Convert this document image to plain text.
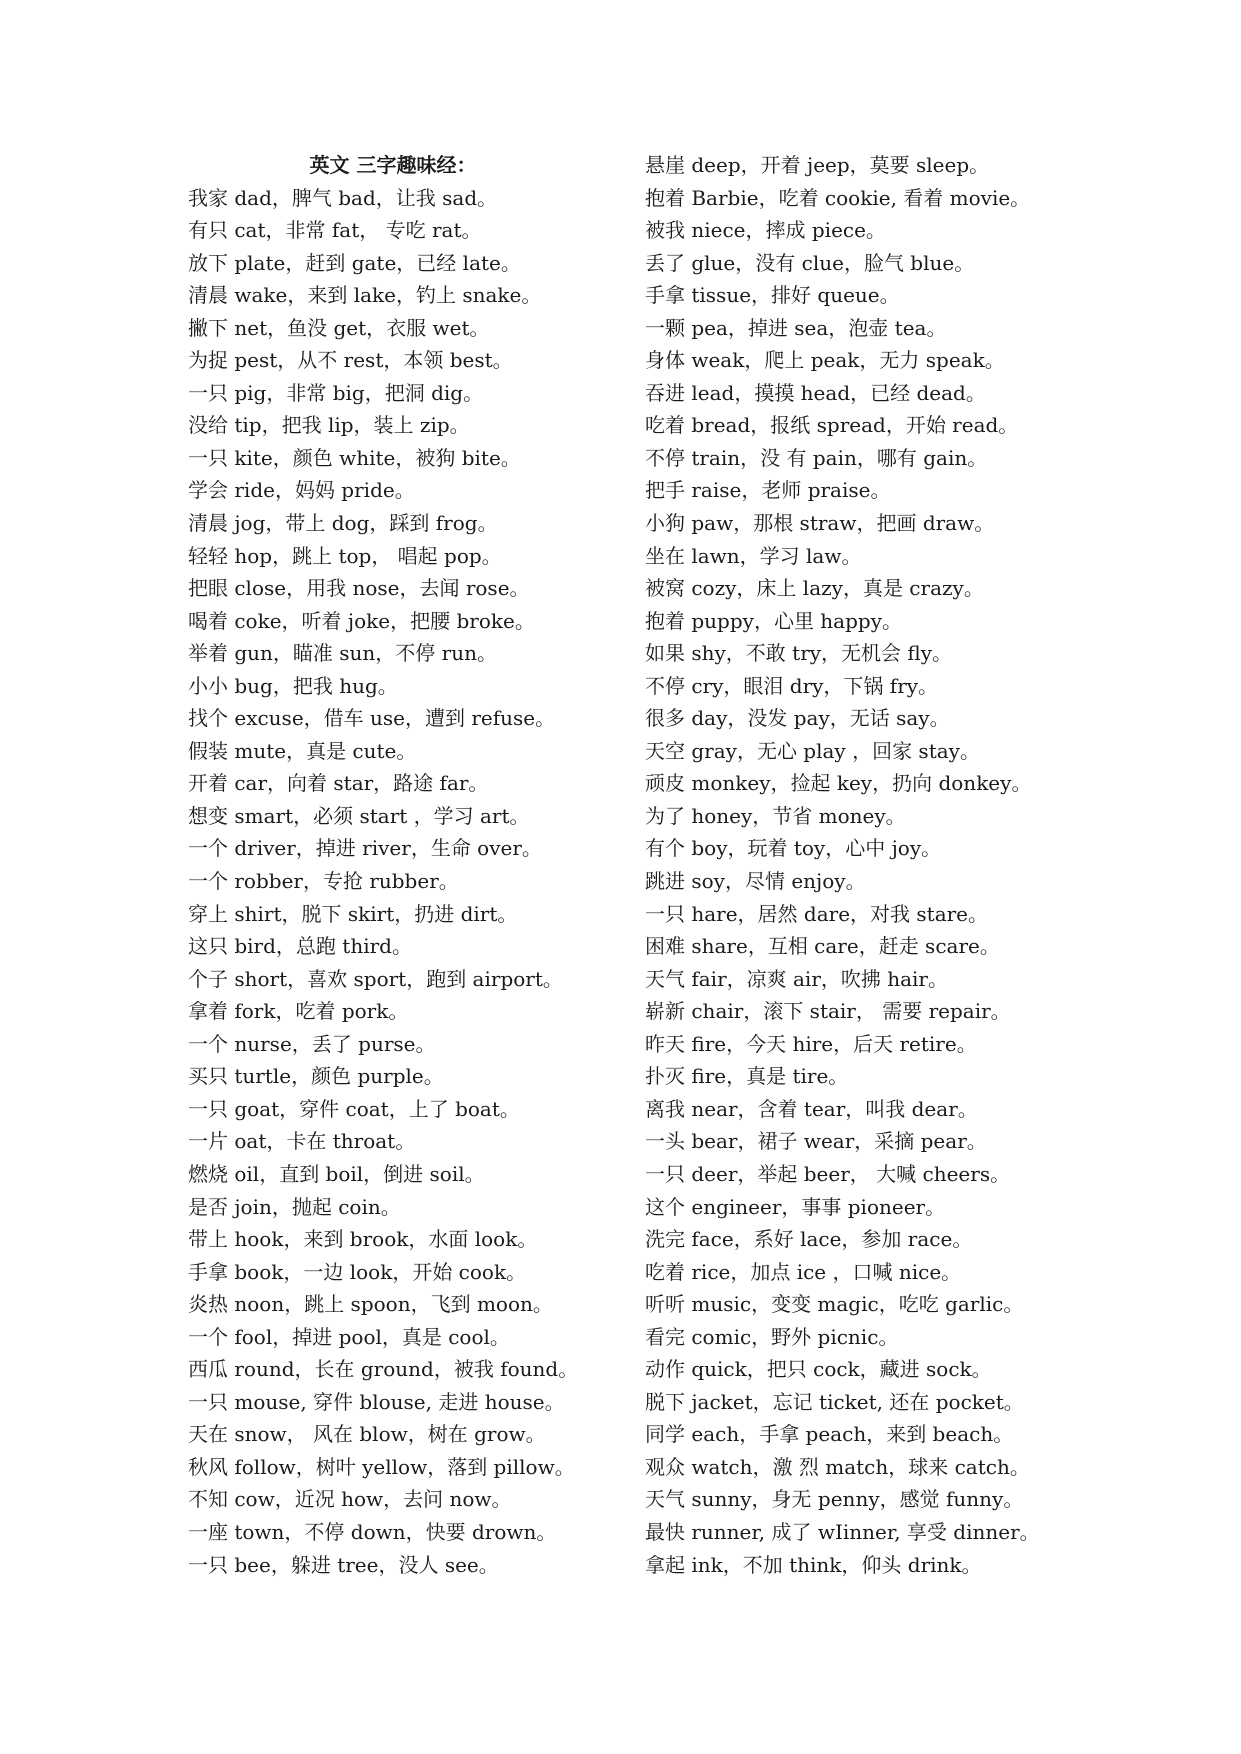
英文 三字趣味经：
我家 dad，脾气 bad，让我 sad。
有只 cat，非常 fat， 专吃 rat。
放下 plate，赶到 gate，已经 late。
清晨 wake，来到 lake，钓上 snake。
撇下 net，鱼没 get，衣服 wet。
为捉 pest，从不 rest，本领 best。
一只 pig，非常 big，把洞 dig。
没给 tip，把我 lip，装上 zip。
一只 kite，颜色 white，被狗 bite。
学会 ride，妈妈 pride。
清晨 jog，带上 dog，踩到 frog。
轻轻 hop，跳上 top， 唱起 pop。
把眼 close，用我 nose，去闻 rose。
喝着 coke，听着 joke，把腰 broke。
举着 gun，瞄准 sun，不停 run。
小小 bug，把我 hug。
找个 excuse，借车 use，遭到 refuse。
假装 mute，真是 cute。
开着 car，向着 star，路途 far。
想变 smart，必须 start ，学习 art。
一个 driver，掉进 river，生命 over。
一个 robber，专抢 rubber。
穿上 shirt，脱下 skirt，扔进 dirt。
这只 bird，总跑 third。
个子 short，喜欢 sport，跑到 airport。
拿着 fork，吃着 pork。
一个 nurse，丢了 purse。
买只 turtle，颜色 purple。
一只 goat，穿件 coat，上了 boat。
一片 oat，卡在 throat。
燃烧 oil，直到 boil，倒进 soil。
是否 join，抛起 coin。
带上 hook，来到 brook，水面 look。
手拿 book，一边 look，开始 cook。
炎热 noon，跳上 spoon，飞到 moon。
一个 fool，掉进 pool，真是 cool。
西瓜 round，长在 ground，被我 found。
一只 mouse, 穿件 blouse, 走进 house。
天在 snow， 风在 blow，树在 grow。
秋风 follow，树叶 yellow，落到 pillow。
不知 cow，近况 how，去问 now。
一座 town，不停 down，快要 drown。
一只 bee，躲进 tree，没人 see。
悬崖 deep，开着 jeep，莫要 sleep。
抱着 Barbie，吃着 cookie, 看着 movie。
被我 niece，摔成 piece。
丢了 glue，没有 clue，脸气 blue。
手拿 tissue，排好 queue。
一颗 pea，掉进 sea，泡壶 tea。
身体 weak，爬上 peak，无力 speak。
吞进 lead，摸摸 head，已经 dead。
吃着 bread，报纸 spread，开始 read。
不停 train，没 有 pain，哪有 gain。
把手 raise，老师 praise。
小狗 paw，那根 straw，把画 draw。
坐在 lawn，学习 law。
被窝 cozy，床上 lazy，真是 crazy。
抱着 puppy，心里 happy。
如果 shy，不敢 try，无机会 fly。
不停 cry，眼泪 dry，下锅 fry。
很多 day，没发 pay，无话 say。
天空 gray，无心 play ，回家 stay。
顽皮 monkey，捡起 key，扔向 donkey。
为了 honey，节省 money。
有个 boy，玩着 toy，心中 joy。
跳进 soy，尽情 enjoy。
一只 hare，居然 dare，对我 stare。
困难 share，互相 care，赶走 scare。
天气 fair，凉爽 air，吹拂 hair。
崭新 chair，滚下 stair， 需要 repair。
昨天 fire，今天 hire，后天 retire。
扑灭 fire，真是 tire。
离我 near，含着 tear，叫我 dear。
一头 bear，裙子 wear，采摘 pear。
一只 deer，举起 beer， 大喊 cheers。
这个 engineer，事事 pioneer。
洗完 face，系好 lace，参加 race。
吃着 rice，加点 ice ，口喊 nice。
听听 music，变变 magic，吃吃 garlic。
看完 comic，野外 picnic。
动作 quick，把只 cock，藏进 sock。
脱下 jacket，忘记 ticket, 还在 pocket。
同学 each，手拿 peach，来到 beach。
观众 watch，激 烈 match，球来 catch。
天气 sunny，身无 penny，感觉 funny。
最快 runner, 成了 wIinner, 享受 dinner。
拿起 ink，不加 think，仰头 drink。
